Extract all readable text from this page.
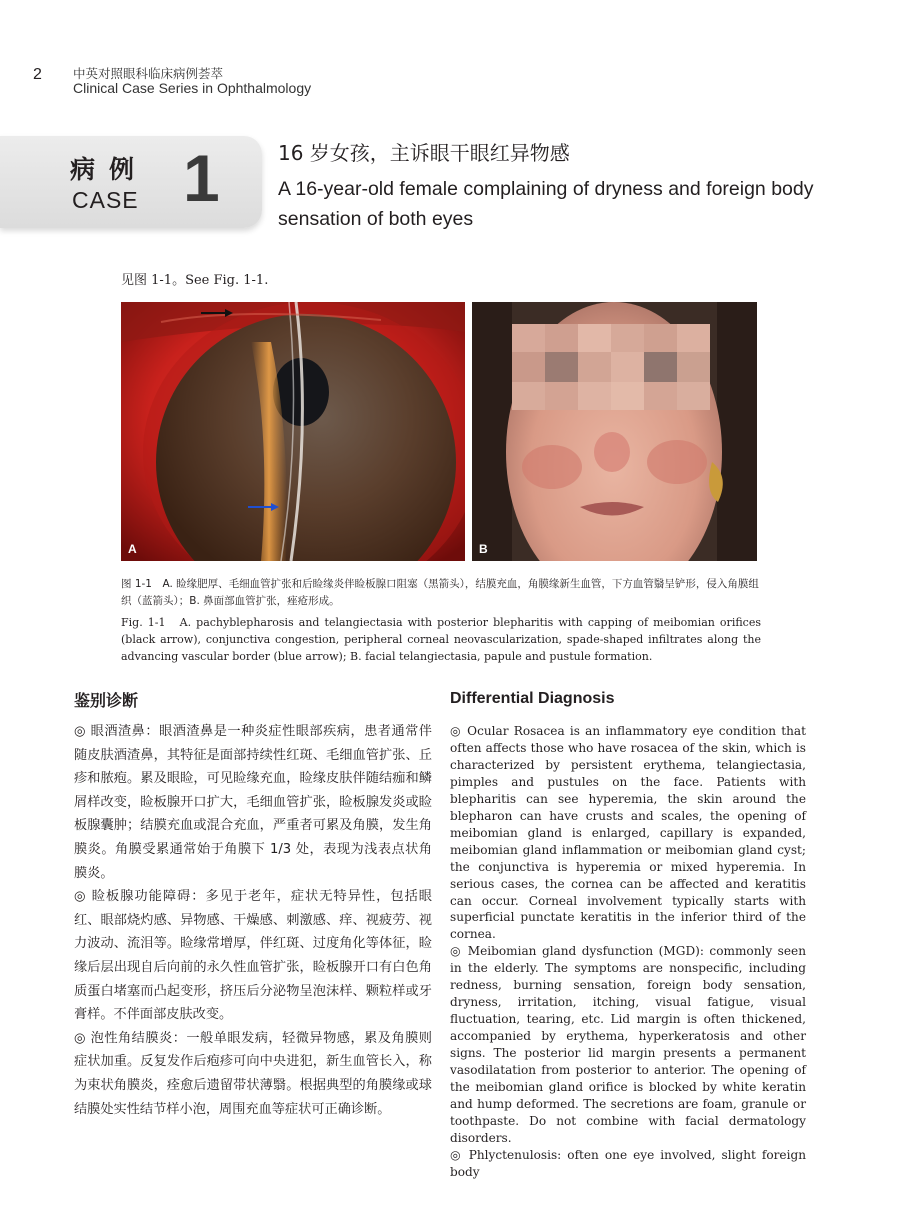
2 中英对照眼科临床病例荟萃
Clinical Case Series in Ophthalmology
病例
CASE 1	16 岁女孩，主诉眼干眼红异物感
A 16-year-old female complaining of dryness and foreign body sensation of both eyes
见图 1-1。See Fig. 1-1.
A	B
图 1-1　A. 睑缘肥厚、毛细血管扩张和后睑缘炎伴睑板腺口阻塞（黑箭头），结膜充血，角膜缘新生血管，下方血管翳呈铲形，侵入角膜组织（蓝箭头）；B. 鼻面部血管扩张，痤疮形成。
Fig. 1-1　A. pachyblepharosis and telangiectasia with posterior blepharitis with capping of meibomian orifices (black arrow), conjunctiva congestion, peripheral corneal neovascularization, spade-shaped infiltrates along the advancing vascular border (blue arrow); B. facial telangiectasia, papule and pustule formation.
鉴别诊断

◎ 眼酒渣鼻：眼酒渣鼻是一种炎症性眼部疾病，患者通常伴随皮肤酒渣鼻，其特征是面部持续性红斑、毛细血管扩张、丘疹和脓疱。累及眼睑，可见睑缘充血，睑缘皮肤伴随结痂和鳞屑样改变，睑板腺开口扩大，毛细血管扩张，睑板腺发炎或睑板腺囊肿；结膜充血或混合充血，严重者可累及角膜，发生角膜炎。角膜受累通常始于角膜下 1/3 处，表现为浅表点状角膜炎。

◎ 睑板腺功能障碍：多见于老年，症状无特异性，包括眼红、眼部烧灼感、异物感、干燥感、刺激感、痒、视疲劳、视力波动、流泪等。睑缘常增厚，伴红斑、过度角化等体征，睑缘后层出现自后向前的永久性血管扩张，睑板腺开口有白色角质蛋白堵塞而凸起变形，挤压后分泌物呈泡沫样、颗粒样或牙膏样。不伴面部皮肤改变。

◎ 泡性角结膜炎：一般单眼发病，轻微异物感，累及角膜则症状加重。反复发作后疱疹可向中央进犯，新生血管长入，称为束状角膜炎，痊愈后遗留带状薄翳。根据典型的角膜缘或球结膜处实性结节样小泡，周围充血等症状可正确诊断。

Differential Diagnosis

◎ Ocular Rosacea is an inflammatory eye condition that often affects those who have rosacea of the skin, which is characterized by persistent erythema, telangiectasia, pimples and pustules on the face. Patients with blepharitis can see hyperemia, the skin around the blepharon can have crusts and scales, the opening of meibomian gland is enlarged, capillary is expanded, meibomian gland inflammation or meibomian gland cyst; the conjunctiva is hyperemia or mixed hyperemia. In serious cases, the cornea can be affected and keratitis can occur. Corneal involvement typically starts with superficial punctate keratitis in the inferior third of the cornea.

◎ Meibomian gland dysfunction (MGD): commonly seen in the elderly. The symptoms are nonspecific, including redness, burning sensation, foreign body sensation, dryness, irritation, itching, visual fatigue, visual fluctuation, tearing, etc. Lid margin is often thickened, accompanied by erythema, hyperkeratosis and other signs. The posterior lid margin presents a permanent vasodilatation from posterior to anterior. The opening of the meibomian gland orifice is blocked by white keratin and hump deformed. The secretions are foam, granule or toothpaste. Do not combine with facial dermatology disorders.

◎ Phlyctenulosis: often one eye involved, slight foreign body
